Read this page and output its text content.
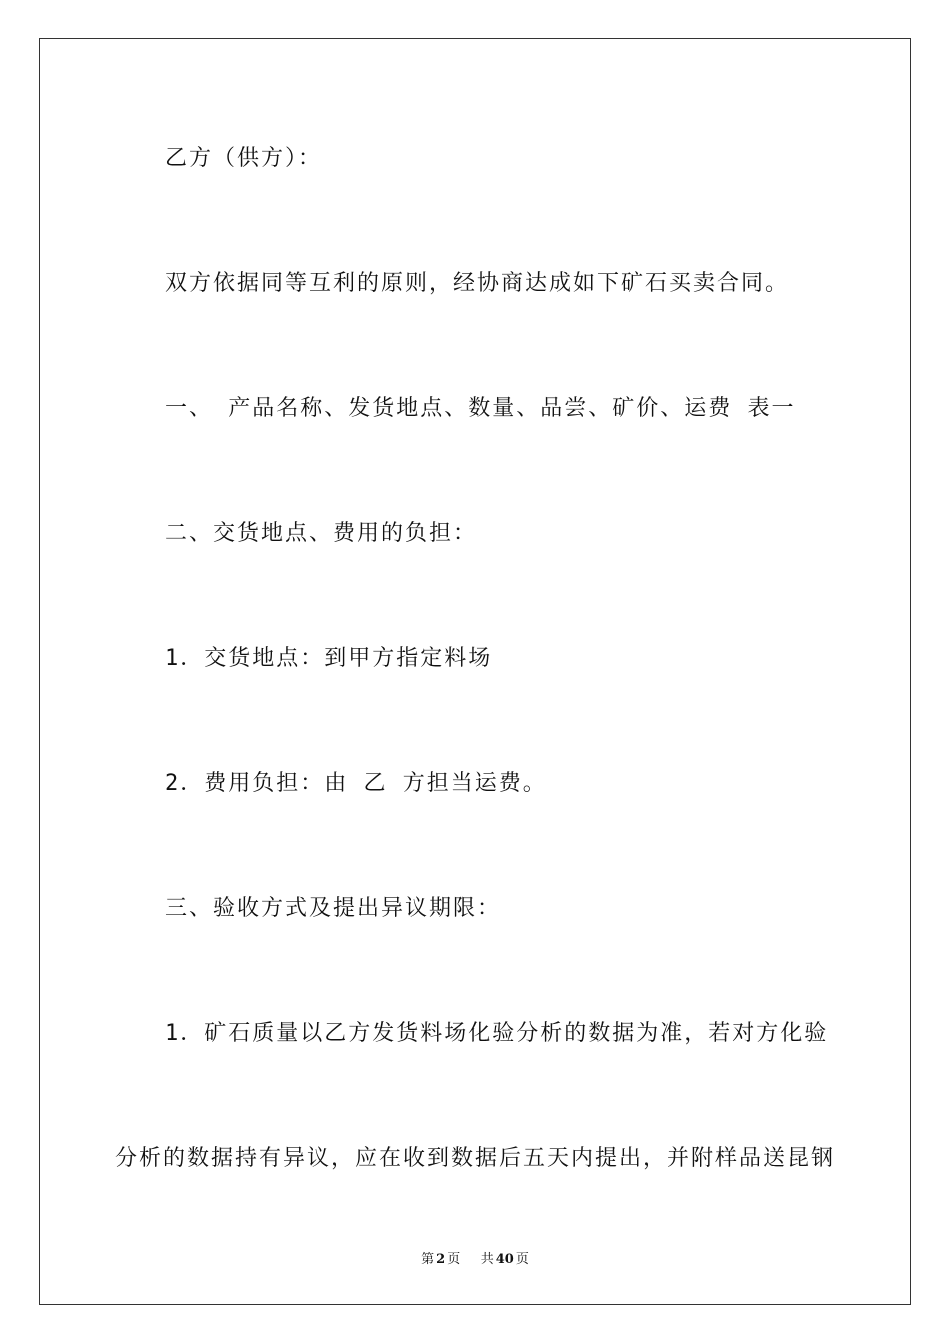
乙方（供方）：
双方依据同等互利的原则，经协商达成如下矿石买卖合同。
一、 产品名称、发货地点、数量、品尝、矿价、运费 表一
二、交货地点、费用的负担：
1．交货地点：到甲方指定料场
2．费用负担：由 乙 方担当运费。
三、验收方式及提出异议期限：
1．矿石质量以乙方发货料场化验分析的数据为准，若对方化验
分析的数据持有异议，应在收到数据后五天内提出，并附样品送昆钢
第 2 页 共 40 页
